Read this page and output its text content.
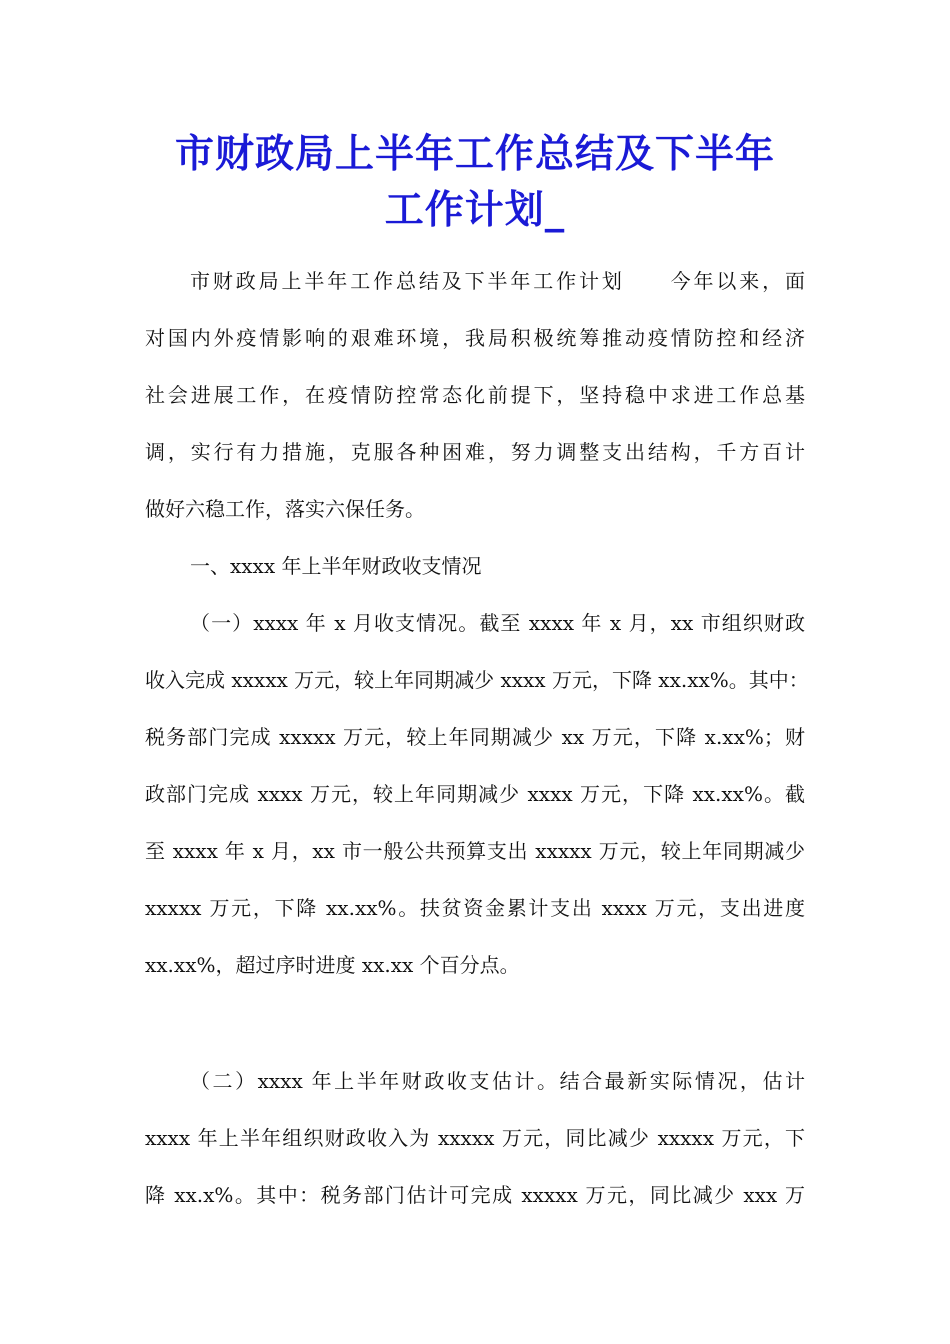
市财政局上半年工作总结及下半年
工作计划_

市财政局上半年工作总结及下半年工作计划　　今年以来，面

对国内外疫情影响的艰难环境，我局积极统筹推动疫情防控和经济

社会进展工作，在疫情防控常态化前提下，坚持稳中求进工作总基

调，实行有力措施，克服各种困难，努力调整支出结构，千方百计

做好六稳工作，落实六保任务。

一、xxxx 年上半年财政收支情况

（一）xxxx 年 x 月收支情况。截至 xxxx 年 x 月，xx 市组织财政

收入完成 xxxxx 万元，较上年同期减少 xxxx 万元，下降 xx.xx%。其中：

税务部门完成 xxxxx 万元，较上年同期减少 xx 万元，下降 x.xx%；财

政部门完成 xxxx 万元，较上年同期减少 xxxx 万元，下降 xx.xx%。截

至 xxxx 年 x 月，xx 市一般公共预算支出 xxxxx 万元，较上年同期减少

xxxxx 万元，下降 xx.xx%。扶贫资金累计支出 xxxx 万元，支出进度

xx.xx%，超过序时进度 xx.xx 个百分点。

（二）xxxx 年上半年财政收支估计。结合最新实际情况，估计

xxxx 年上半年组织财政收入为 xxxxx 万元，同比减少 xxxxx 万元，下

降 xx.x%。其中：税务部门估计可完成 xxxxx 万元，同比减少 xxx 万
